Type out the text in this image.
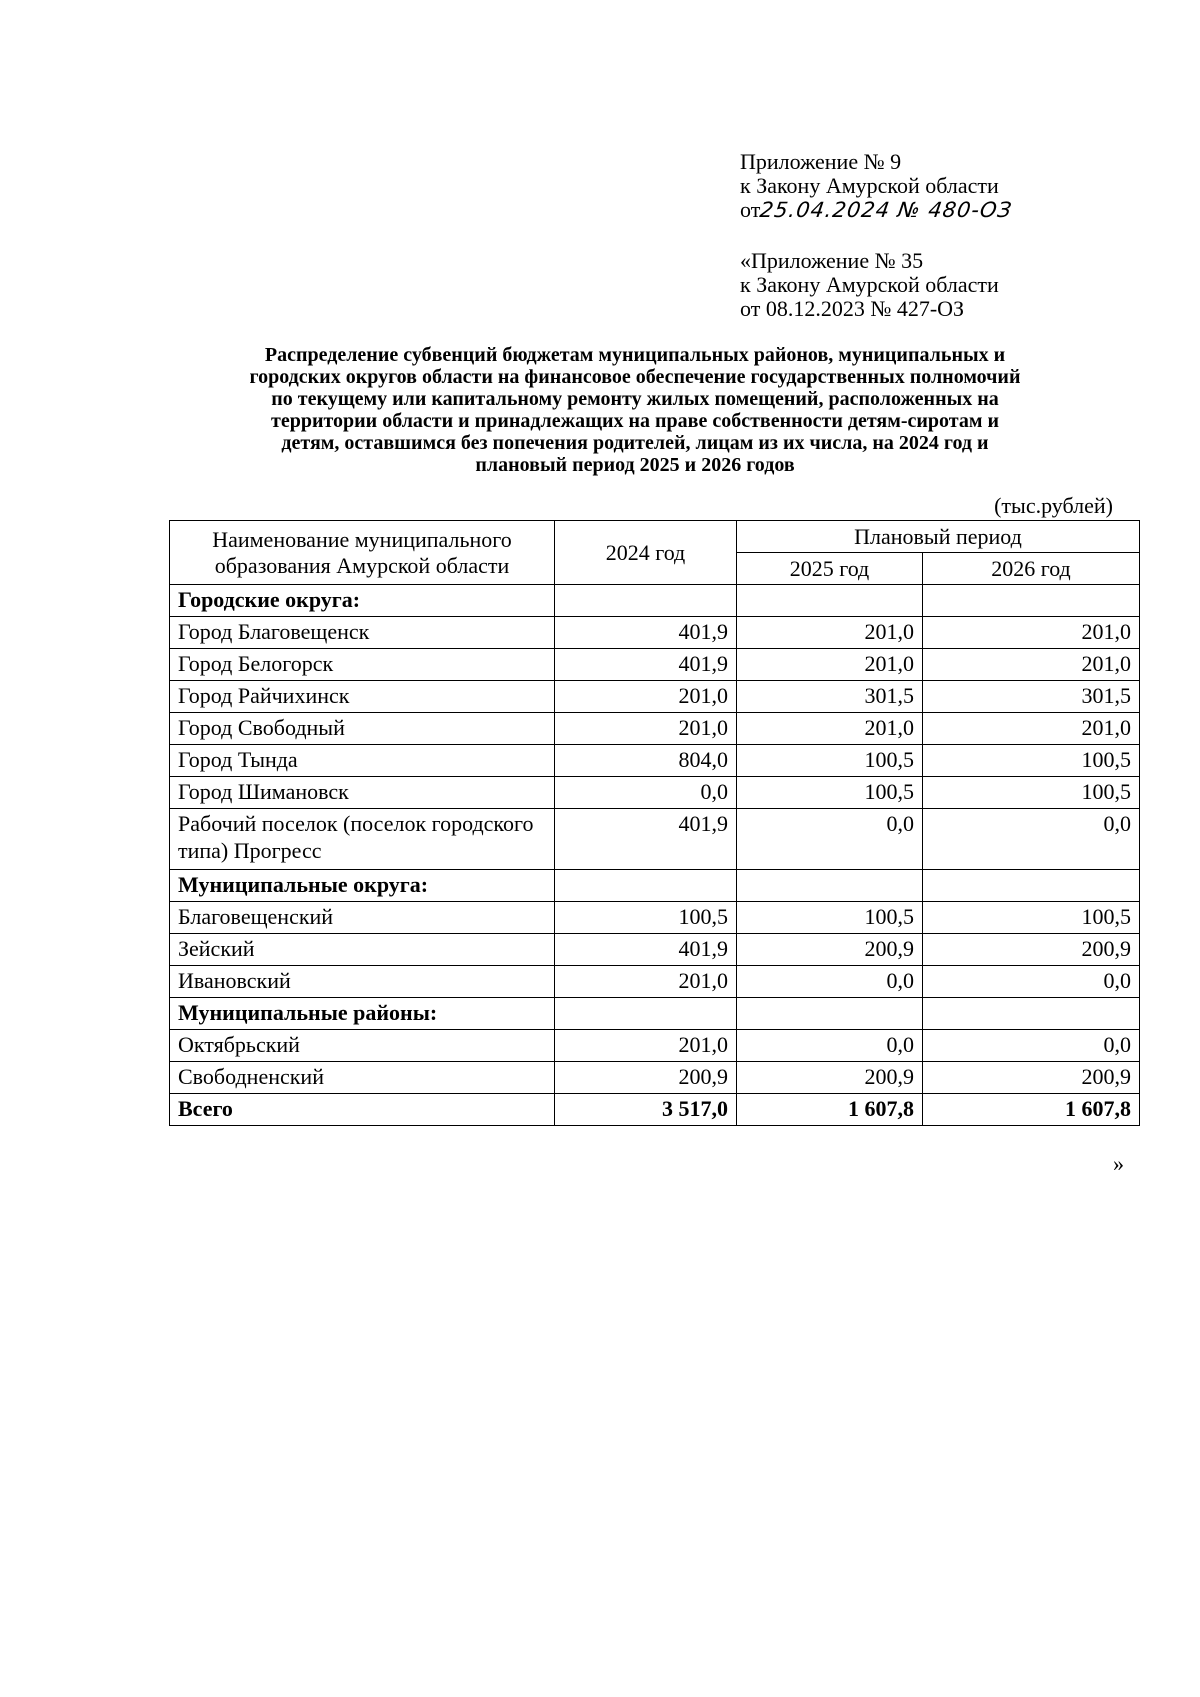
Приложение № 9
к Закону Амурской области
от25.04.2024 № 480-ОЗ
«Приложение № 35
к Закону Амурской области
от 08.12.2023 № 427-ОЗ
Распределение субвенций бюджетам муниципальных районов, муниципальных и
городских округов области на финансовое обеспечение государственных полномочий
по текущему или капитальному ремонту жилых помещений, расположенных на
территории области и принадлежащих на праве собственности детям-сиротам и
детям, оставшимся без попечения родителей, лицам из их числа, на 2024 год и
плановый период 2025 и 2026 годов
(тыс.рублей)
Наименование муниципального образования Амурской области	2024 год	Плановый период	
		2025 год	2026 год
Городские округа:			
Город Благовещенск	401,9	201,0	201,0
Город Белогорск	401,9	201,0	201,0
Город Райчихинск	201,0	301,5	301,5
Город Свободный	201,0	201,0	201,0
Город Тында	804,0	100,5	100,5
Город Шимановск	0,0	100,5	100,5
Рабочий поселок (поселок городского типа) Прогресс	401,9	0,0	0,0
Муниципальные округа:			
Благовещенский	100,5	100,5	100,5
Зейский	401,9	200,9	200,9
Ивановский	201,0	0,0	0,0
Муниципальные районы:			
Октябрьский	201,0	0,0	0,0
Свободненский	200,9	200,9	200,9
Всего	3 517,0	1 607,8	1 607,8
»
